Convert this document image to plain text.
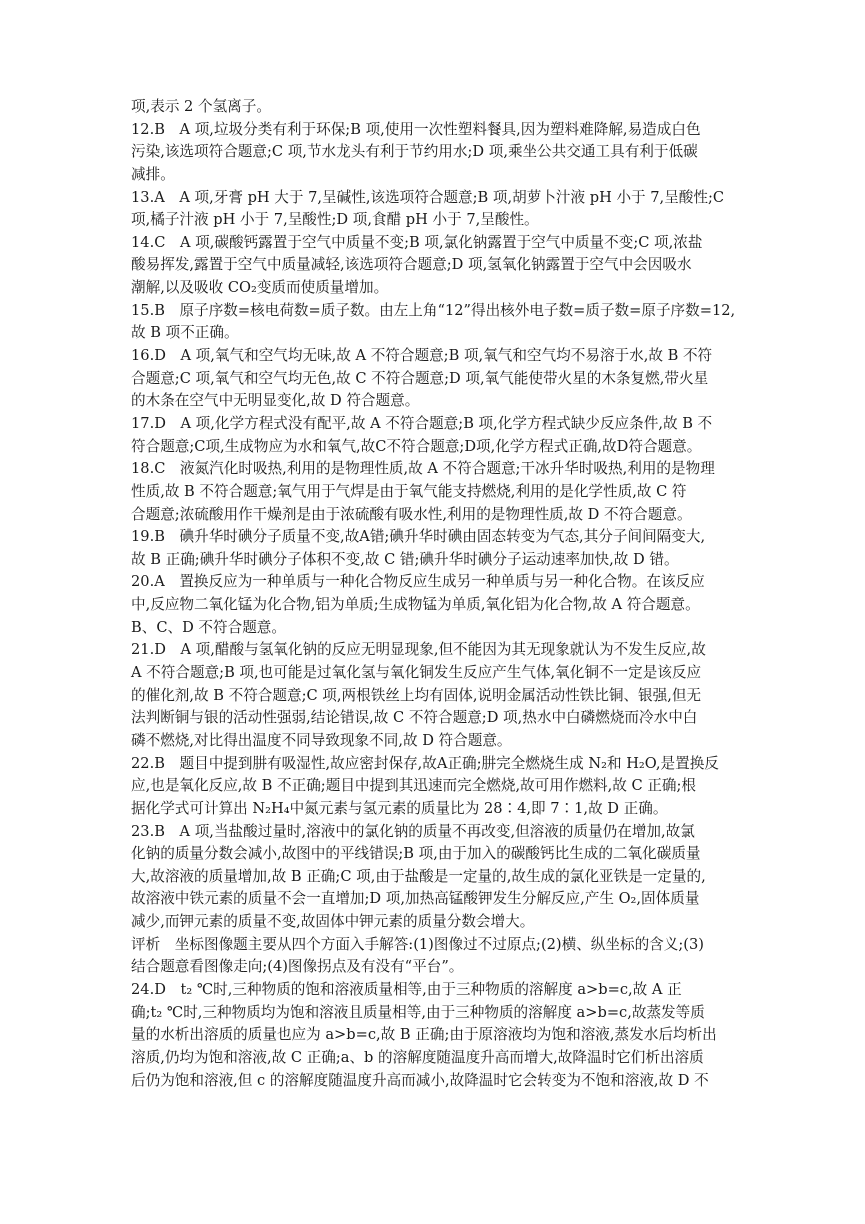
项,表示 2 个氢离子。
12.B　A 项,垃圾分类有利于环保;B 项,使用一次性塑料餐具,因为塑料难降解,易造成白色
污染,该选项符合题意;C 项,节水龙头有利于节约用水;D 项,乘坐公共交通工具有利于低碳
减排。
13.A　A 项,牙膏 pH 大于 7,呈碱性,该选项符合题意;B 项,胡萝卜汁液 pH 小于 7,呈酸性;C
项,橘子汁液 pH 小于 7,呈酸性;D 项,食醋 pH 小于 7,呈酸性。
14.C　A 项,碳酸钙露置于空气中质量不变;B 项,氯化钠露置于空气中质量不变;C 项,浓盐
酸易挥发,露置于空气中质量减轻,该选项符合题意;D 项,氢氧化钠露置于空气中会因吸水
潮解,以及吸收 CO₂变质而使质量增加。
15.B　原子序数=核电荷数=质子数。由左上角“12”得出核外电子数=质子数=原子序数=12,
故 B 项不正确。
16.D　A 项,氧气和空气均无味,故 A 不符合题意;B 项,氧气和空气均不易溶于水,故 B 不符
合题意;C 项,氧气和空气均无色,故 C 不符合题意;D 项,氧气能使带火星的木条复燃,带火星
的木条在空气中无明显变化,故 D 符合题意。
17.D　A 项,化学方程式没有配平,故 A 不符合题意;B 项,化学方程式缺少反应条件,故 B 不
符合题意;C项,生成物应为水和氧气,故C不符合题意;D项,化学方程式正确,故D符合题意。
18.C　液氮汽化时吸热,利用的是物理性质,故 A 不符合题意;干冰升华时吸热,利用的是物理
性质,故 B 不符合题意;氧气用于气焊是由于氧气能支持燃烧,利用的是化学性质,故 C 符
合题意;浓硫酸用作干燥剂是由于浓硫酸有吸水性,利用的是物理性质,故 D 不符合题意。
19.B　碘升华时碘分子质量不变,故A错;碘升华时碘由固态转变为气态,其分子间间隔变大,
故 B 正确;碘升华时碘分子体积不变,故 C 错;碘升华时碘分子运动速率加快,故 D 错。
20.A　置换反应为一种单质与一种化合物反应生成另一种单质与另一种化合物。在该反应
中,反应物二氧化锰为化合物,铝为单质;生成物锰为单质,氧化铝为化合物,故 A 符合题意。
B、C、D 不符合题意。
21.D　A 项,醋酸与氢氧化钠的反应无明显现象,但不能因为其无现象就认为不发生反应,故
A 不符合题意;B 项,也可能是过氧化氢与氧化铜发生反应产生气体,氧化铜不一定是该反应
的催化剂,故 B 不符合题意;C 项,两根铁丝上均有固体,说明金属活动性铁比铜、银强,但无
法判断铜与银的活动性强弱,结论错误,故 C 不符合题意;D 项,热水中白磷燃烧而冷水中白
磷不燃烧,对比得出温度不同导致现象不同,故 D 符合题意。
22.B　题目中提到肼有吸湿性,故应密封保存,故A正确;肼完全燃烧生成 N₂和 H₂O,是置换反
应,也是氧化反应,故 B 不正确;题目中提到其迅速而完全燃烧,故可用作燃料,故 C 正确;根
据化学式可计算出 N₂H₄中氮元素与氢元素的质量比为 28∶4,即 7∶1,故 D 正确。
23.B　A 项,当盐酸过量时,溶液中的氯化钠的质量不再改变,但溶液的质量仍在增加,故氯
化钠的质量分数会减小,故图中的平线错误;B 项,由于加入的碳酸钙比生成的二氧化碳质量
大,故溶液的质量增加,故 B 正确;C 项,由于盐酸是一定量的,故生成的氯化亚铁是一定量的,
故溶液中铁元素的质量不会一直增加;D 项,加热高锰酸钾发生分解反应,产生 O₂,固体质量
减少,而钾元素的质量不变,故固体中钾元素的质量分数会增大。
评析　坐标图像题主要从四个方面入手解答:(1)图像过不过原点;(2)横、纵坐标的含义;(3)
结合题意看图像走向;(4)图像拐点及有没有“平台”。
24.D　t₂ ℃时,三种物质的饱和溶液质量相等,由于三种物质的溶解度 a>b=c,故 A 正
确;t₂ ℃时,三种物质均为饱和溶液且质量相等,由于三种物质的溶解度 a>b=c,故蒸发等质
量的水析出溶质的质量也应为 a>b=c,故 B 正确;由于原溶液均为饱和溶液,蒸发水后均析出
溶质,仍均为饱和溶液,故 C 正确;a、b 的溶解度随温度升高而增大,故降温时它们析出溶质
后仍为饱和溶液,但 c 的溶解度随温度升高而减小,故降温时它会转变为不饱和溶液,故 D 不
